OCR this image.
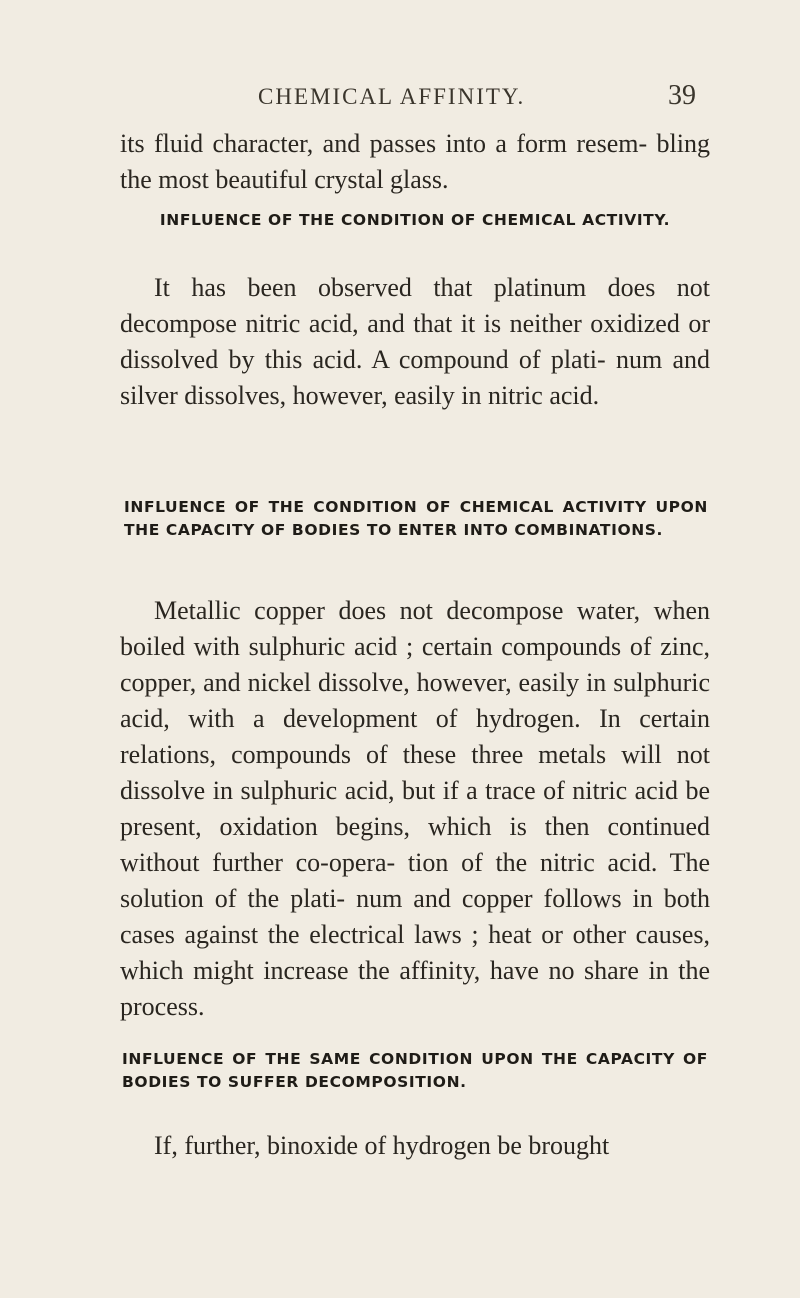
CHEMICAL AFFINITY.	39

its fluid character, and passes into a form resem- bling the most beautiful crystal glass.

INFLUENCE OF THE CONDITION OF CHEMICAL ACTIVITY.

It has been observed that platinum does not decompose nitric acid, and that it is neither oxidized or dissolved by this acid. A compound of plati- num and silver dissolves, however, easily in nitric acid.

INFLUENCE OF THE CONDITION OF CHEMICAL ACTIVITY UPON THE CAPACITY OF BODIES TO ENTER INTO COMBINATIONS.

Metallic copper does not decompose water, when boiled with sulphuric acid ; certain compounds of zinc, copper, and nickel dissolve, however, easily in sulphuric acid, with a development of hydrogen. In certain relations, compounds of these three metals will not dissolve in sulphuric acid, but if a trace of nitric acid be present, oxidation begins, which is then continued without further co-opera- tion of the nitric acid. The solution of the plati- num and copper follows in both cases against the electrical laws ; heat or other causes, which might increase the affinity, have no share in the process.

INFLUENCE OF THE SAME CONDITION UPON THE CAPACITY OF BODIES TO SUFFER DECOMPOSITION.

If, further, binoxide of hydrogen be brought
